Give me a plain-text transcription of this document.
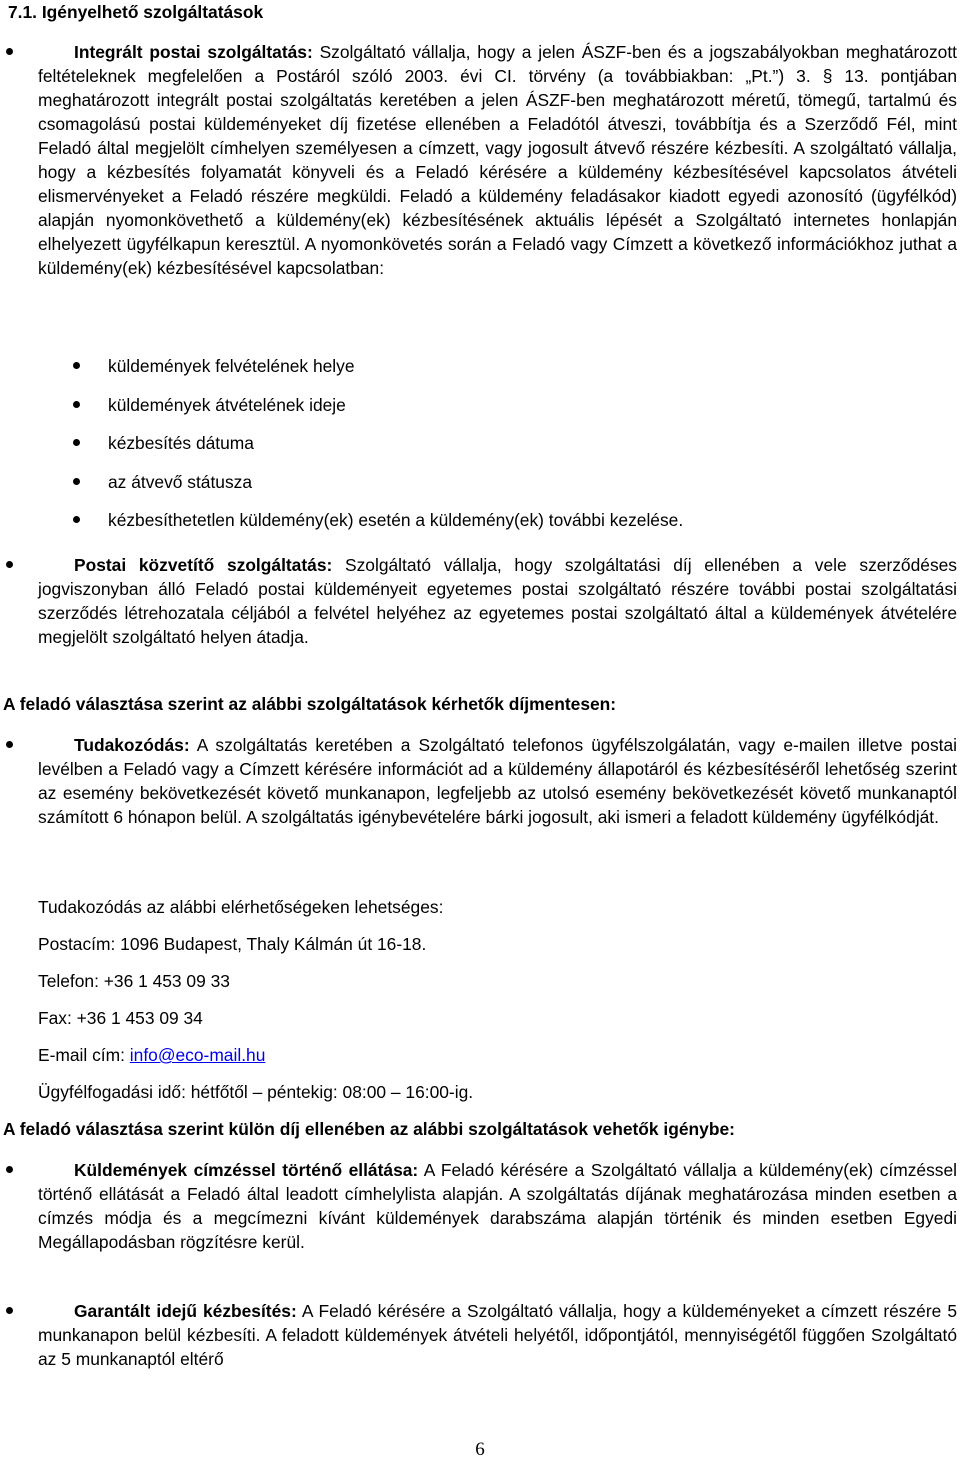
7.1. Igényelhető szolgáltatások
Integrált postai szolgáltatás: Szolgáltató vállalja, hogy a jelen ÁSZF-ben és a jogszabályokban meghatározott feltételeknek megfelelően a Postáról szóló 2003. évi CI. törvény (a továbbiakban: „Pt.”) 3. § 13. pontjában meghatározott integrált postai szolgáltatás keretében a jelen ÁSZF-ben meghatározott méretű, tömegű, tartalmú és csomagolású postai küldeményeket díj fizetése ellenében a Feladótól átveszi, továbbítja és a Szerződő Fél, mint Feladó által megjelölt címhelyen személyesen a címzett, vagy jogosult átvevő részére kézbesíti. A szolgáltató vállalja, hogy a kézbesítés folyamatát könyveli és a Feladó kérésére a küldemény kézbesítésével kapcsolatos átvételi elismervényeket a Feladó részére megküldi. Feladó a küldemény feladásakor kiadott egyedi azonosító (ügyfélkód) alapján nyomonkövethető a küldemény(ek) kézbesítésének aktuális lépését a Szolgáltató internetes honlapján elhelyezett ügyfélkapun keresztül. A nyomonkövetés során a Feladó vagy Címzett a következő információkhoz juthat a küldemény(ek) kézbesítésével kapcsolatban:
küldemények felvételének helye
küldemények átvételének ideje
kézbesítés dátuma
az átvevő státusza
kézbesíthetetlen küldemény(ek) esetén a küldemény(ek) további kezelése.
Postai közvetítő szolgáltatás: Szolgáltató vállalja, hogy szolgáltatási díj ellenében a vele szerződéses jogviszonyban álló Feladó postai küldeményeit egyetemes postai szolgáltató részére további postai szolgáltatási szerződés létrehozatala céljából a felvétel helyéhez az egyetemes postai szolgáltató által a küldemények átvételére megjelölt szolgáltató helyen átadja.
A feladó választása szerint az alábbi szolgáltatások kérhetők díjmentesen:
Tudakozódás: A szolgáltatás keretében a Szolgáltató telefonos ügyfélszolgálatán, vagy e-mailen illetve postai levélben a Feladó vagy a Címzett kérésére információt ad a küldemény állapotáról és kézbesítéséről lehetőség szerint az esemény bekövetkezését követő munkanapon, legfeljebb az utolsó esemény bekövetkezését követő munkanaptól számított 6 hónapon belül. A szolgáltatás igénybevételére bárki jogosult, aki ismeri a feladott küldemény ügyfélkódját.
Tudakozódás az alábbi elérhetőségeken lehetséges:
Postacím: 1096 Budapest, Thaly Kálmán út 16-18.
Telefon: +36 1 453 09 33
Fax: +36 1 453 09 34
E-mail cím: info@eco-mail.hu
Ügyfélfogadási idő: hétfőtől – péntekig: 08:00 – 16:00-ig.
A feladó választása szerint külön díj ellenében az alábbi szolgáltatások vehetők igénybe:
Küldemények címzéssel történő ellátása: A Feladó kérésére a Szolgáltató vállalja a küldemény(ek) címzéssel történő ellátását a Feladó által leadott címhelylista alapján. A szolgáltatás díjának meghatározása minden esetben a címzés módja és a megcímezni kívánt küldemények darabszáma alapján történik és minden esetben Egyedi Megállapodásban rögzítésre kerül.
Garantált idejű kézbesítés: A Feladó kérésére a Szolgáltató vállalja, hogy a küldeményeket a címzett részére 5 munkanapon belül kézbesíti. A feladott küldemények átvételi helyétől, időpontjától, mennyiségétől függően Szolgáltató az 5 munkanaptól eltérő
6
